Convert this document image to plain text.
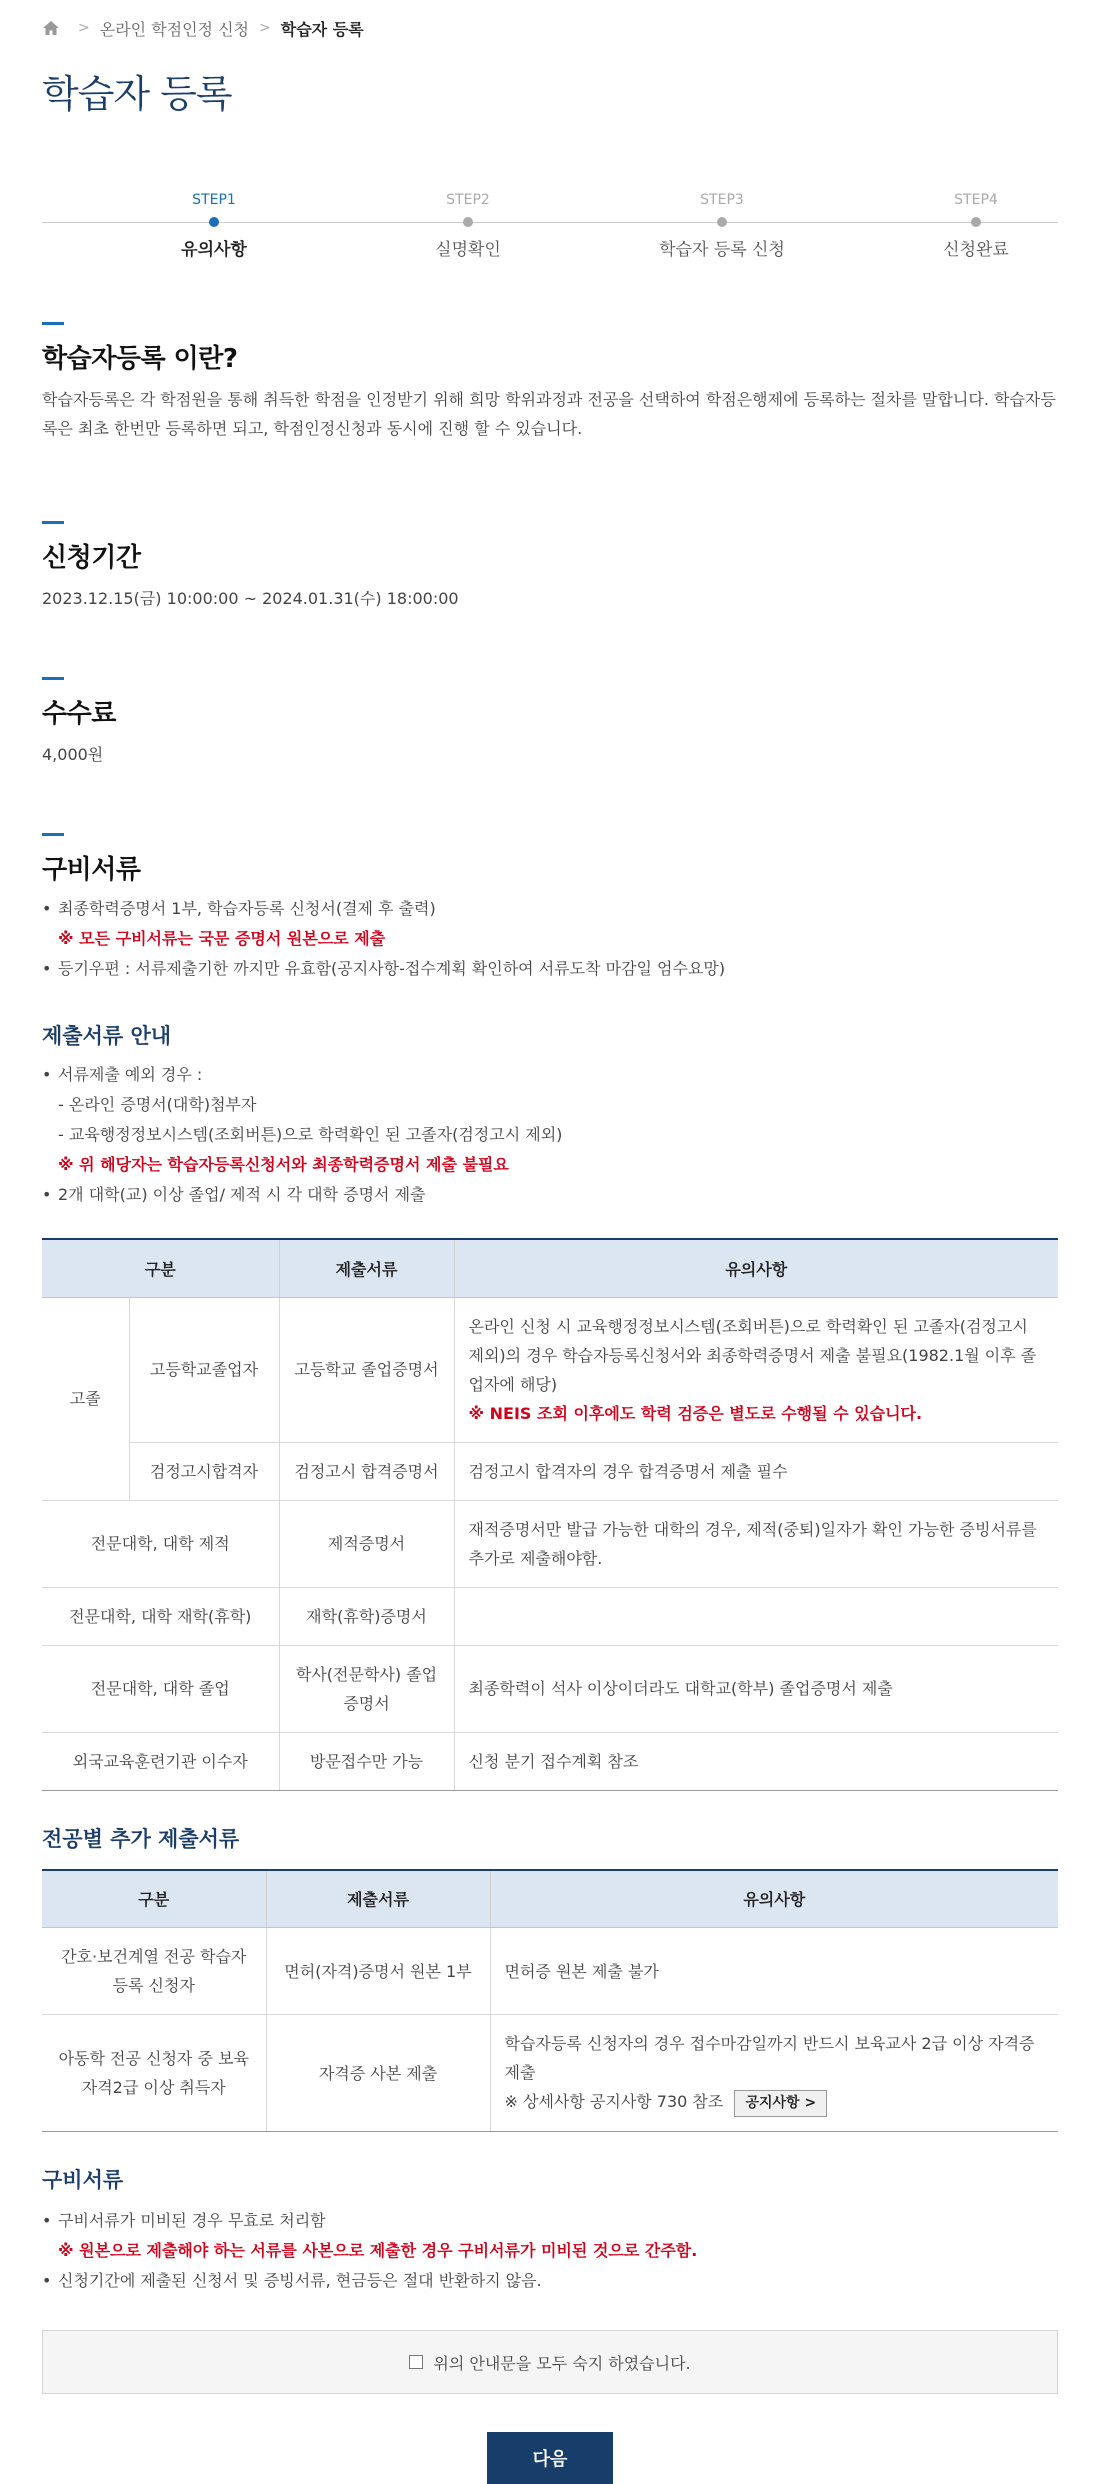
> 온라인 학점인정 신청 > 학습자 등록
학습자 등록
STEP1
유의사항
STEP2
실명확인
STEP3
학습자 등록 신청
STEP4
신청완료
학습자등록 이란?

학습자등록은 각 학점원을 통해 취득한 학점을 인정받기 위해 희망 학위과정과 전공을 선택하여 학점은행제에 등록하는 절차를 말합니다. 학습자등록은 최초 한번만 등록하면 되고, 학점인정신청과 동시에 진행 할 수 있습니다.

신청기간

2023.12.15(금) 10:00:00 ~ 2024.01.31(수) 18:00:00

수수료

4,000원

구비서류
• 최종학력증명서 1부, 학습자등록 신청서(결제 후 출력)
※ 모든 구비서류는 국문 증명서 원본으로 제출
• 등기우편 : 서류제출기한 까지만 유효함(공지사항-접수계획 확인하여 서류도착 마감일 엄수요망)
제출서류 안내
• 서류제출 예외 경우 :
- 온라인 증명서(대학)첨부자
- 교육행정정보시스템(조회버튼)으로 학력확인 된 고졸자(검정고시 제외)
※ 위 해당자는 학습자등록신청서와 최종학력증명서 제출 불필요
• 2개 대학(교) 이상 졸업/ 제적 시 각 대학 증명서 제출
구분		제출서류	유의사항
고졸	고등학교졸업자	고등학교 졸업증명서	온라인 신청 시 교육행정정보시스템(조회버튼)으로 학력확인 된 고졸자(검정고시 제외)의 경우 학습자등록신청서와 최종학력증명서 제출 불필요(1982.1월 이후 졸업자에 해당)
※ NEIS 조회 이후에도 학력 검증은 별도로 수행될 수 있습니다.

	검정고시합격자	검정고시 합격증명서	검정고시 합격자의 경우 합격증명서 제출 필수
전문대학, 대학 제적		제적증명서	재적증명서만 발급 가능한 대학의 경우, 제적(중퇴)일자가 확인 가능한 증빙서류를 추가로 제출해야함.
전문대학, 대학 재학(휴학)		재학(휴학)증명서	
전문대학, 대학 졸업		학사(전문학사) 졸업증명서	최종학력이 석사 이상이더라도 대학교(학부) 졸업증명서 제출
외국교육훈련기관 이수자		방문접수만 가능	신청 분기 접수계획 참조
전공별 추가 제출서류
구분	제출서류	유의사항
간호·보건계열 전공 학습자등록 신청자	면허(자격)증명서 원본 1부	면허증 원본 제출 불가
아동학 전공 신청자 중 보육자격2급 이상 취득자	자격증 사본 제출	학습자등록 신청자의 경우 접수마감일까지 반드시 보육교사 2급 이상 자격증 제출
※ 상세사항 공지사항 730 참조 공지사항 >
구비서류
• 구비서류가 미비된 경우 무효로 처리함
※ 원본으로 제출해야 하는 서류를 사본으로 제출한 경우 구비서류가 미비된 것으로 간주함.
• 신청기간에 제출된 신청서 및 증빙서류, 현금등은 절대 반환하지 않음.
위의 안내문을 모두 숙지 하였습니다.
다음
